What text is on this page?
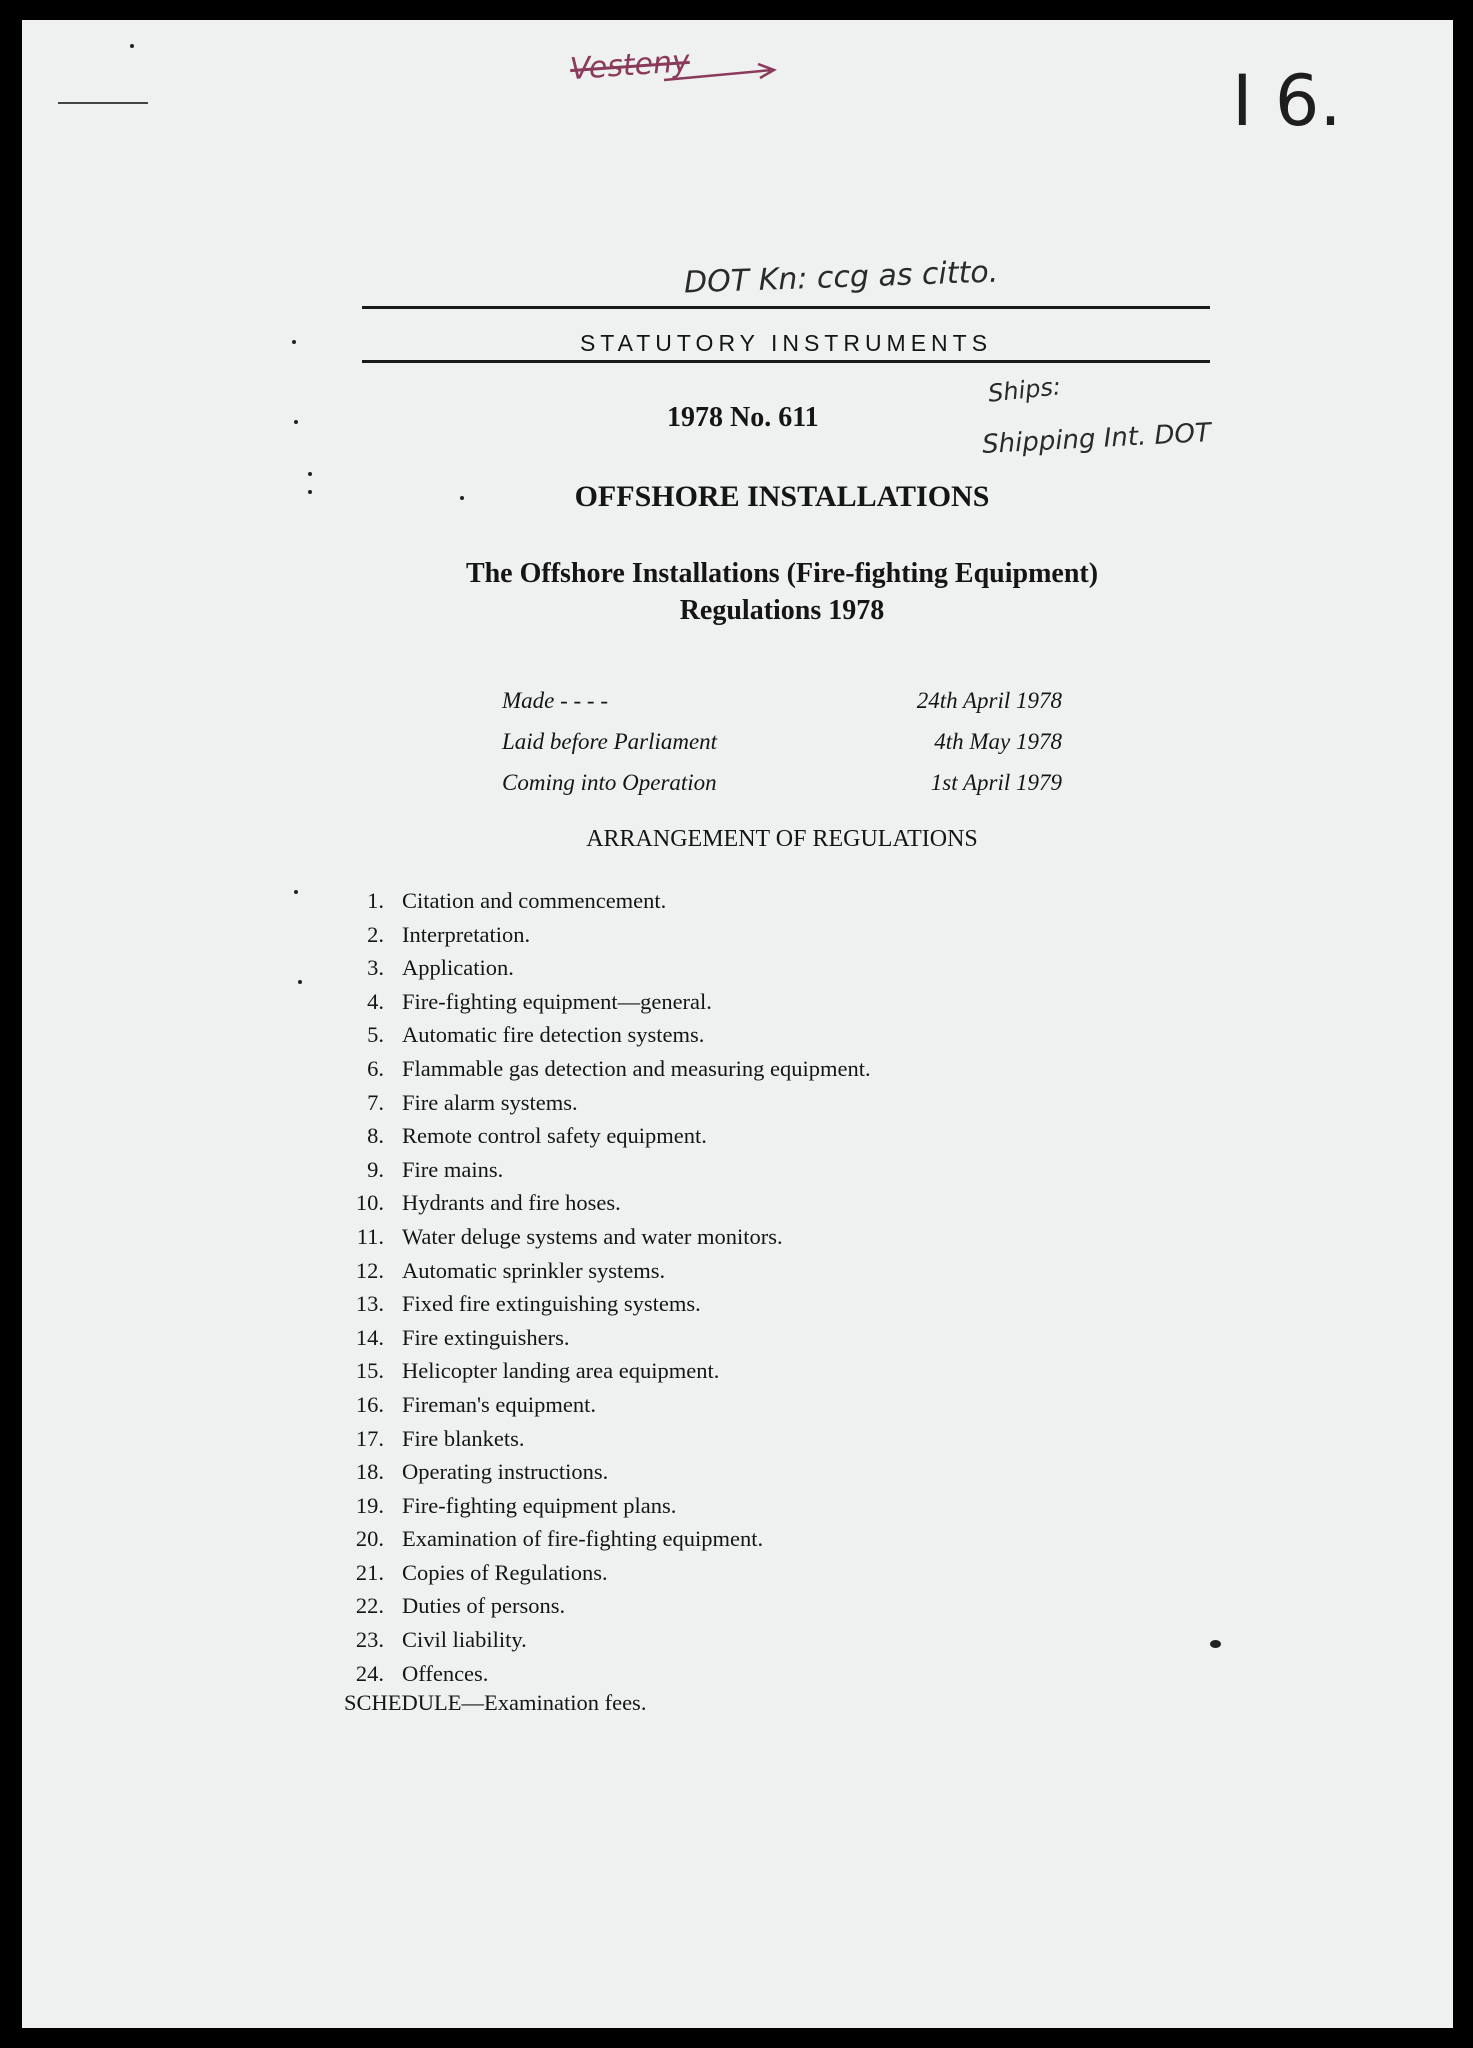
Vesteny	I 6.
DOT Kn: ccg as citto.
Ships:
Shipping Int. DOT
STATUTORY INSTRUMENTS
1978 No. 611
OFFSHORE INSTALLATIONS
The Offshore Installations (Fire-fighting Equipment)
Regulations 1978
Made - - - -	24th April 1978
Laid before Parliament	4th May 1978
Coming into Operation	1st April 1979
ARRANGEMENT OF REGULATIONS
1. Citation and commencement.
2. Interpretation.
3. Application.
4. Fire-fighting equipment—general.
5. Automatic fire detection systems.
6. Flammable gas detection and measuring equipment.
7. Fire alarm systems.
8. Remote control safety equipment.
9. Fire mains.
10. Hydrants and fire hoses.
11. Water deluge systems and water monitors.
12. Automatic sprinkler systems.
13. Fixed fire extinguishing systems.
14. Fire extinguishers.
15. Helicopter landing area equipment.
16. Fireman's equipment.
17. Fire blankets.
18. Operating instructions.
19. Fire-fighting equipment plans.
20. Examination of fire-fighting equipment.
21. Copies of Regulations.
22. Duties of persons.
23. Civil liability.
24. Offences.
SCHEDULE—Examination fees.
